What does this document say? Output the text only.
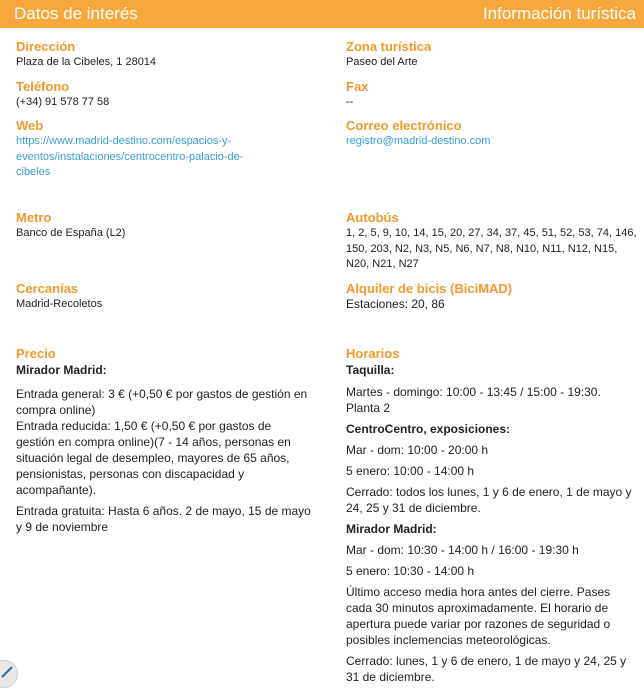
Datos de interés	Información turística
Dirección
Plaza de la Cibeles, 1 28014
Teléfono
(+34) 91 578 77 58
Web
https://www.madrid-destino.com/espacios-y-
eventos/instalaciones/centrocentro-palacio-de-
cibeles
Metro
Banco de España (L2)
Cercanías
Madrid-Recoletos
Precio

Mirador Madrid:

Entrada general: 3 € (+0,50 € por gastos de gestión en compra online)

Entrada reducida: 1,50 € (+0,50 € por gastos de gestión en compra online)(7 - 14 años, personas en situación legal de desempleo, mayores de 65 años, pensionistas, personas con discapacidad y acompañante).

Entrada gratuita: Hasta 6 años. 2 de mayo, 15 de mayo y 9 de noviembre

Zona turística
Paseo del Arte
Fax
--
Correo electrónico
registro@madrid-destino.com
Autobús
1, 2, 5, 9, 10, 14, 15, 20, 27, 34, 37, 45, 51, 52, 53, 74, 146,
150, 203, N2, N3, N5, N6, N7, N8, N10, N11, N12, N15,
N20, N21, N27
Alquiler de bicis (BiciMAD)
Estaciones: 20, 86
Horarios

Taquilla:

Martes - domingo: 10:00 - 13:45 / 15:00 - 19:30. Planta 2

CentroCentro, exposiciones:

Mar - dom: 10:00 - 20:00 h

5 enero: 10:00 - 14:00 h

Cerrado: todos los lunes, 1 y 6 de enero, 1 de mayo y 24, 25 y 31 de diciembre.

Mirador Madrid:

Mar - dom: 10:30 - 14:00 h / 16:00 - 19:30 h

5 enero: 10:30 - 14:00 h

Último acceso media hora antes del cierre. Pases cada 30 minutos aproximadamente. El horario de apertura puede variar por razones de seguridad o posibles inclemencias meteorológicas.

Cerrado: lunes, 1 y 6 de enero, 1 de mayo y 24, 25 y 31 de diciembre.
